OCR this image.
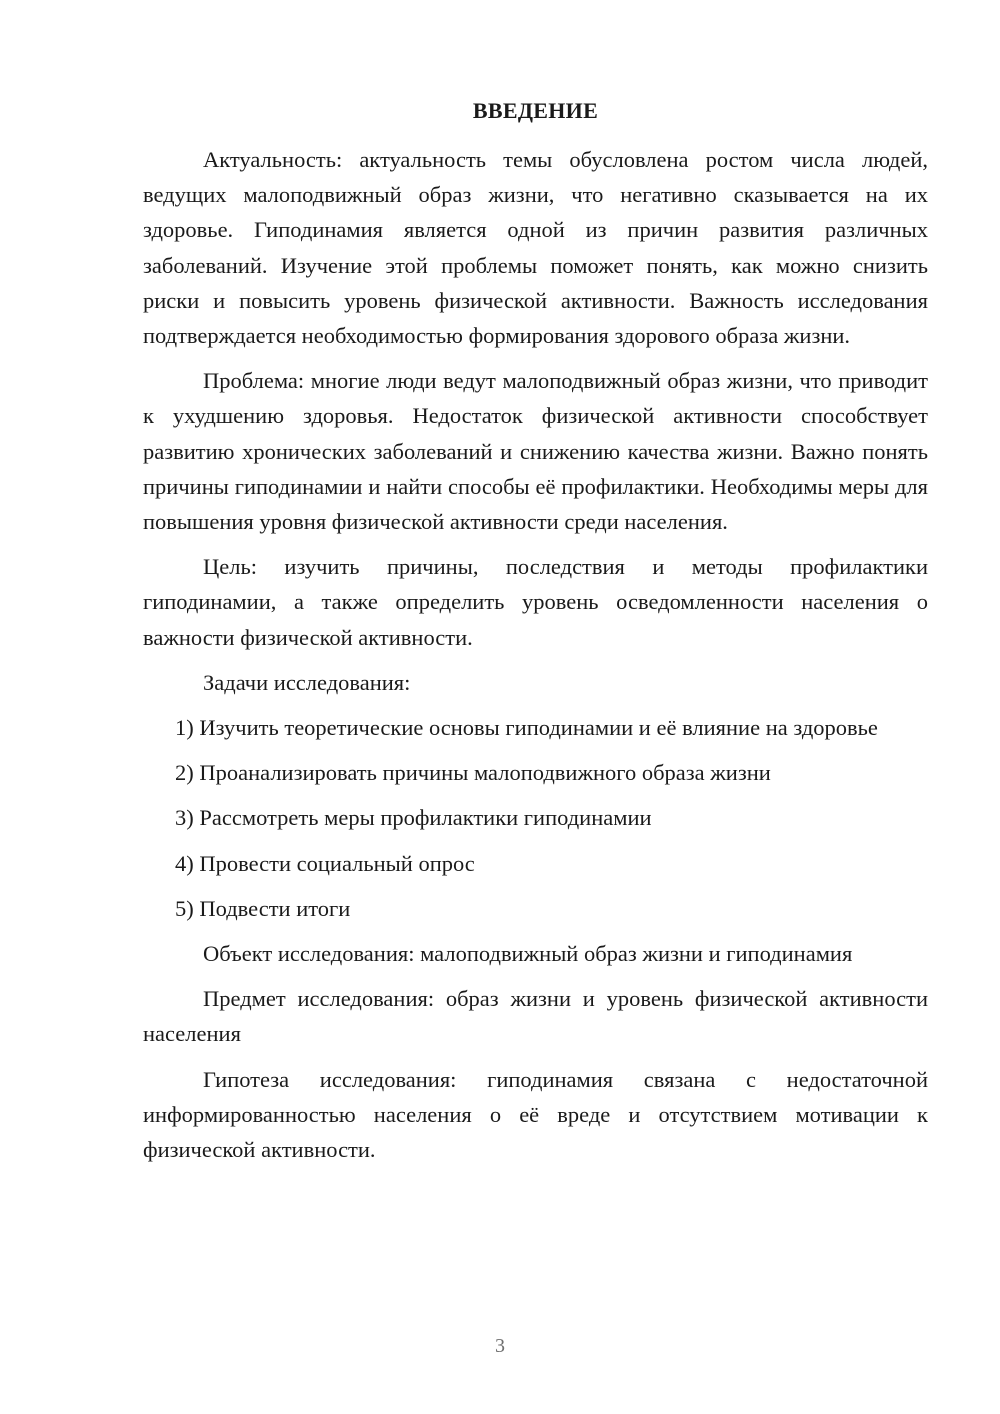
ВВЕДЕНИЕ

Актуальность: актуальность темы обусловлена ростом числа людей, ведущих малоподвижный образ жизни, что негативно сказывается на их здоровье. Гиподинамия является одной из причин развития различных заболеваний. Изучение этой проблемы поможет понять, как можно снизить риски и повысить уровень физической активности. Важность исследования подтверждается необходимостью формирования здорового образа жизни.

Проблема: многие люди ведут малоподвижный образ жизни, что приводит к ухудшению здоровья. Недостаток физической активности способствует развитию хронических заболеваний и снижению качества жизни. Важно понять причины гиподинамии и найти способы её профилактики. Необходимы меры для повышения уровня физической активности среди населения.

Цель: изучить причины, последствия и методы профилактики гиподинамии, а также определить уровень осведомленности населения о важности физической активности.

Задачи исследования:

1) Изучить теоретические основы гиподинамии и её влияние на здоровье

2) Проанализировать причины малоподвижного образа жизни

3) Рассмотреть меры профилактики гиподинамии

4) Провести социальный опрос

5) Подвести итоги

Объект исследования: малоподвижный образ жизни и гиподинамия

Предмет исследования: образ жизни и уровень физической активности населения

Гипотеза исследования: гиподинамия связана с недостаточной информированностью населения о её вреде и отсутствием мотивации к физической активности.

3
